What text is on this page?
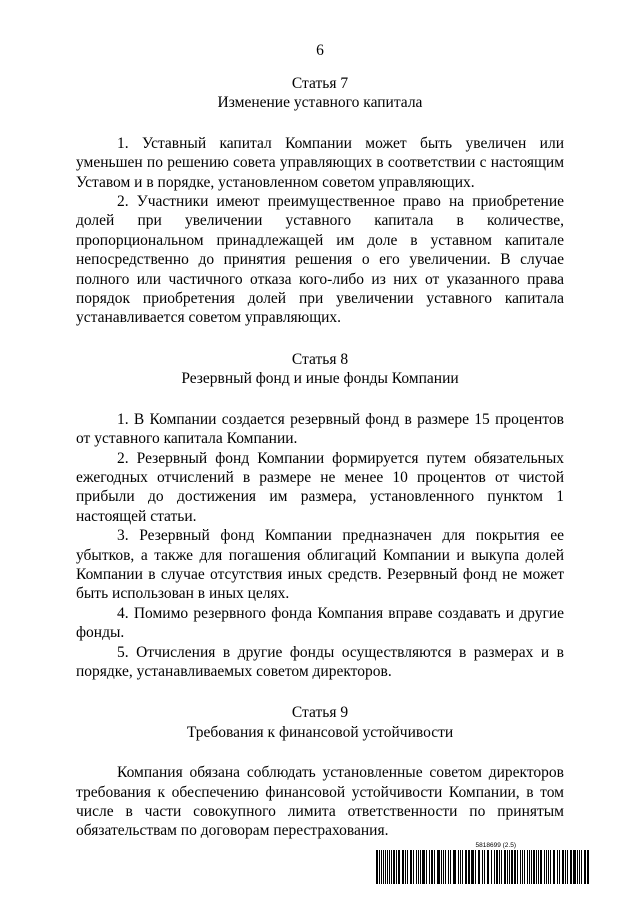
6

Статья 7

Изменение уставного капитала

1. Уставный капитал Компании может быть увеличен или уменьшен по решению совета управляющих в соответствии с настоящим Уставом и в порядке, установленном советом управляющих.

2. Участники имеют преимущественное право на приобретение долей при увеличении уставного капитала в количестве, пропорциональном принадлежащей им доле в уставном капитале непосредственно до принятия решения о его увеличении. В случае полного или частичного отказа кого-либо из них от указанного права порядок приобретения долей при увеличении уставного капитала устанавливается советом управляющих.

Статья 8

Резервный фонд и иные фонды Компании

1. В Компании создается резервный фонд в размере 15 процентов от уставного капитала Компании.

2. Резервный фонд Компании формируется путем обязательных ежегодных отчислений в размере не менее 10 процентов от чистой прибыли до достижения им размера, установленного пунктом 1 настоящей статьи.

3. Резервный фонд Компании предназначен для покрытия ее убытков, а также для погашения облигаций Компании и выкупа долей Компании в случае отсутствия иных средств. Резервный фонд не может быть использован в иных целях.

4. Помимо резервного фонда Компания вправе создавать и другие фонды.

5. Отчисления в другие фонды осуществляются в размерах и в порядке, устанавливаемых советом директоров.

Статья 9

Требования к финансовой устойчивости

Компания обязана соблюдать установленные советом директоров требования к обеспечению финансовой устойчивости Компании, в том числе в части совокупного лимита ответственности по принятым обязательствам по договорам перестрахования.

5818699 (2.5)
